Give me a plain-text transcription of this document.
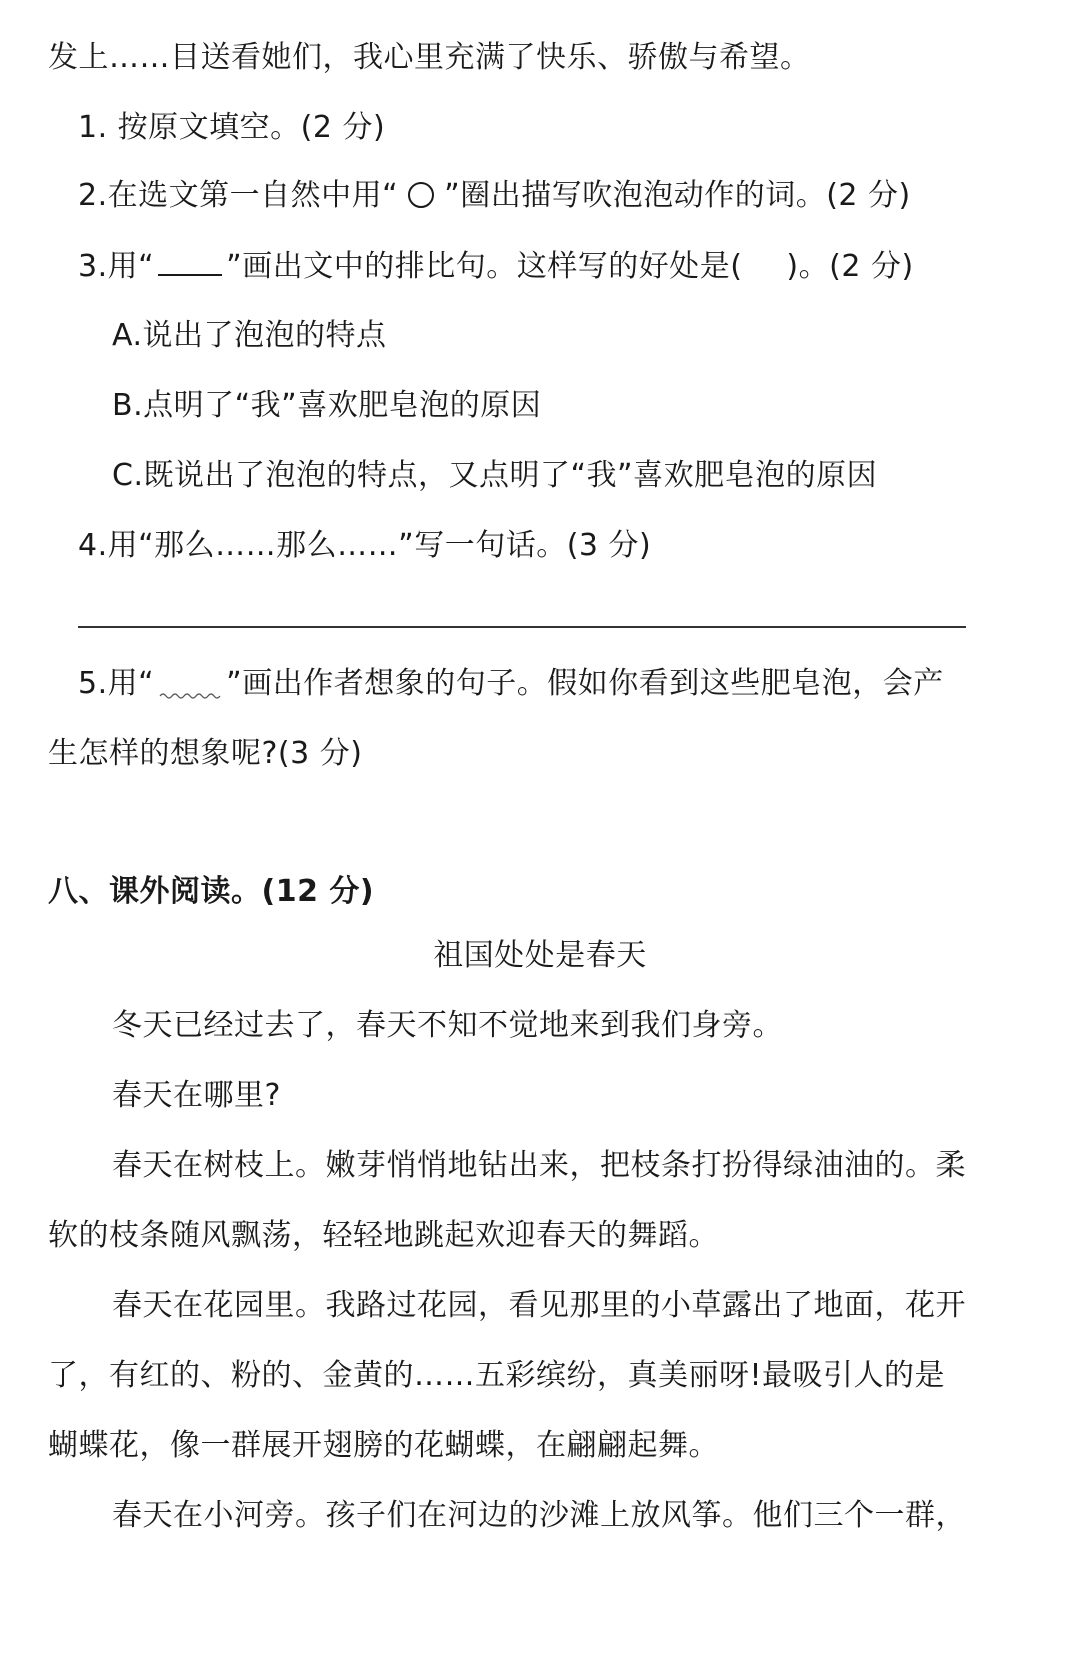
发上……目送看她们，我心里充满了快乐、骄傲与希望。
1. 按原文填空。(2 分)
2.在选文第一自然中用“ ○ ”圈出描写吹泡泡动作的词。(2 分)
3.用“ ”画出文中的排比句。这样写的好处是( )。(2 分)
A.说出了泡泡的特点
B.点明了“我”喜欢肥皂泡的原因
C.既说出了泡泡的特点，又点明了“我”喜欢肥皂泡的原因
4.用“那么……那么……”写一句话。(3 分)
5.用“ ”画出作者想象的句子。假如你看到这些肥皂泡，会产
生怎样的想象呢?(3 分)
八、课外阅读。(12 分)
祖国处处是春天
冬天已经过去了，春天不知不觉地来到我们身旁。
春天在哪里?
春天在树枝上。嫩芽悄悄地钻出来，把枝条打扮得绿油油的。柔
软的枝条随风飘荡，轻轻地跳起欢迎春天的舞蹈。
春天在花园里。我路过花园，看见那里的小草露出了地面，花开
了，有红的、粉的、金黄的……五彩缤纷，真美丽呀!最吸引人的是
蝴蝶花，像一群展开翅膀的花蝴蝶，在翩翩起舞。
春天在小河旁。孩子们在河边的沙滩上放风筝。他们三个一群，
